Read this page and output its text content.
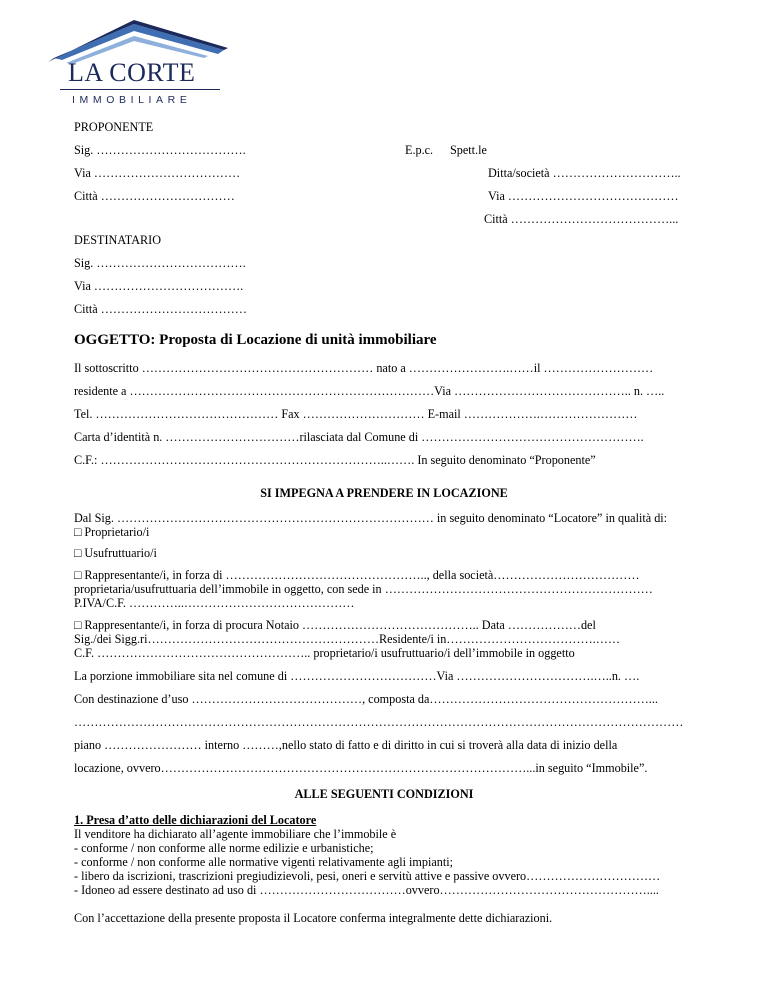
LA CORTE
IMMOBILIARE
PROPONENTE
Sig. ……………………………….
Via ………………………………
Città ……………………………
E.p.c. Spett.le
Ditta/società …………………………..
Via ……………………………………
Città …………………………………...
DESTINATARIO
Sig. ……………………………….
Via ……………………………….
Città ………………………………
OGGETTO: Proposta di Locazione di unità immobiliare
Il sottoscritto ………………………………………………… nato a …………………….……il ………………………
residente a …………………………………………………………………Via …………………………………….. n. …..
Tel. ……………………………………… Fax ………………………… E-mail ……………….……………………
Carta d’identità n. ……………………………rilasciata dal Comune di ……………………………………………….
C.F.: ……………………………………………………………..……. In seguito denominato “Proponente”
SI IMPEGNA A PRENDERE IN LOCAZIONE
Dal Sig. …………………………………………………………………… in seguito denominato “Locatore” in qualità di:
□ Proprietario/i
□ Usufruttuario/i
□ Rappresentante/i, in forza di ………………………………………….., della società………………………………
proprietaria/usufruttuaria dell’immobile in oggetto, con sede in …………………………………………………………
P.IVA/C.F. …………..……………………………………
□ Rappresentante/i, in forza di procura Notaio …………………………………….. Data ………………del
Sig./dei Sigg.ri…………………………………………………Residente/i in……………………………….……
C.F. …………………………………………….. proprietario/i usufruttuario/i dell’immobile in oggetto
La porzione immobiliare sita nel comune di ………………………………Via …………………………….…..n. ….
Con destinazione d’uso ……………………………………, composta da………………………………………………...
……………………………………………………………………………………………………………………………………
piano …………………… interno ………,nello stato di fatto e di diritto in cui si troverà alla data di inizio della
locazione, ovvero………………………………………………………………………………...in seguito “Immobile”.
ALLE SEGUENTI CONDIZIONI
1. Presa d’atto delle dichiarazioni del Locatore
Il venditore ha dichiarato all’agente immobiliare che l’immobile è
- conforme / non conforme alle norme edilizie e urbanistiche;
- conforme / non conforme alle normative vigenti relativamente agli impianti;
- libero da iscrizioni, trascrizioni pregiudizievoli, pesi, oneri e servitù attive e passive ovvero……………………………
- Idoneo ad essere destinato ad uso di ………………………………ovvero……………………………………………....
Con l’accettazione della presente proposta il Locatore conferma integralmente dette dichiarazioni.
